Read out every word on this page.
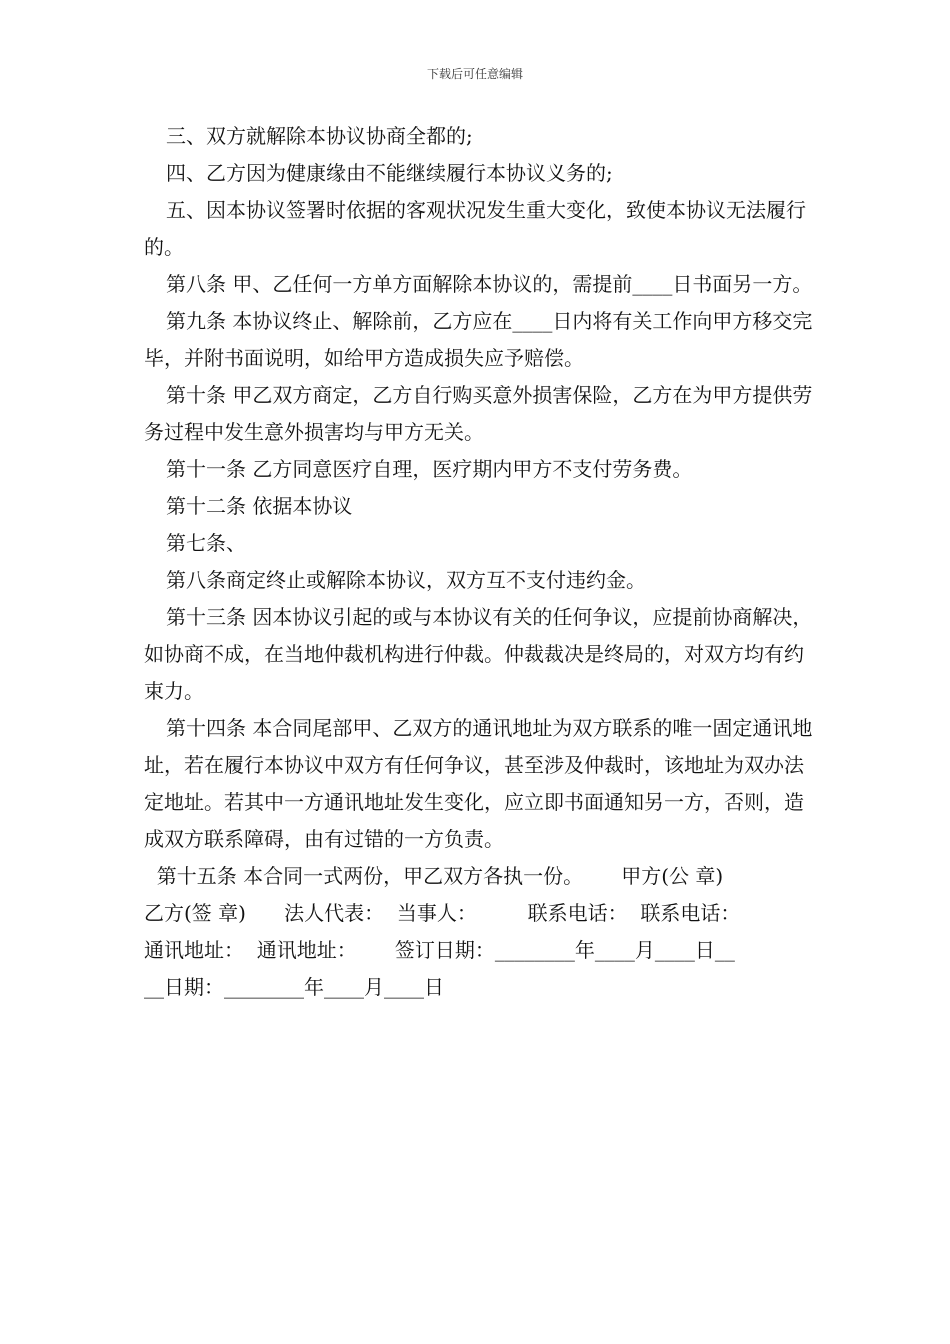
下载后可任意编辑

三、双方就解除本协议协商全都的;

四、乙方因为健康缘由不能继续履行本协议义务的;

五、因本协议签署时依据的客观状况发生重大变化，致使本协议无法履行的。

第八条 甲、乙任何一方单方面解除本协议的，需提前____日书面另一方。

第九条 本协议终止、解除前，乙方应在____日内将有关工作向甲方移交完毕，并附书面说明，如给甲方造成损失应予赔偿。

第十条 甲乙双方商定，乙方自行购买意外损害保险，乙方在为甲方提供劳务过程中发生意外损害均与甲方无关。

第十一条 乙方同意医疗自理，医疗期内甲方不支付劳务费。

第十二条 依据本协议

第七条、

第八条商定终止或解除本协议，双方互不支付违约金。

第十三条 因本协议引起的或与本协议有关的任何争议，应提前协商解决，如协商不成，在当地仲裁机构进行仲裁。仲裁裁决是终局的，对双方均有约束力。

第十四条 本合同尾部甲、乙双方的通讯地址为双方联系的唯一固定通讯地址，若在履行本协议中双方有任何争议，甚至涉及仲裁时，该地址为双办法定地址。若其中一方通讯地址发生变化，应立即书面通知另一方，否则，造成双方联系障碍，由有过错的一方负责。

第十五条 本合同一式两份，甲乙双方各执一份。      甲方(公 章)

乙方(签 章)      法人代表：  当事人：        联系电话：  联系电话：

通讯地址：  通讯地址：      签订日期：________年____月____日__

__日期：________年____月____日
